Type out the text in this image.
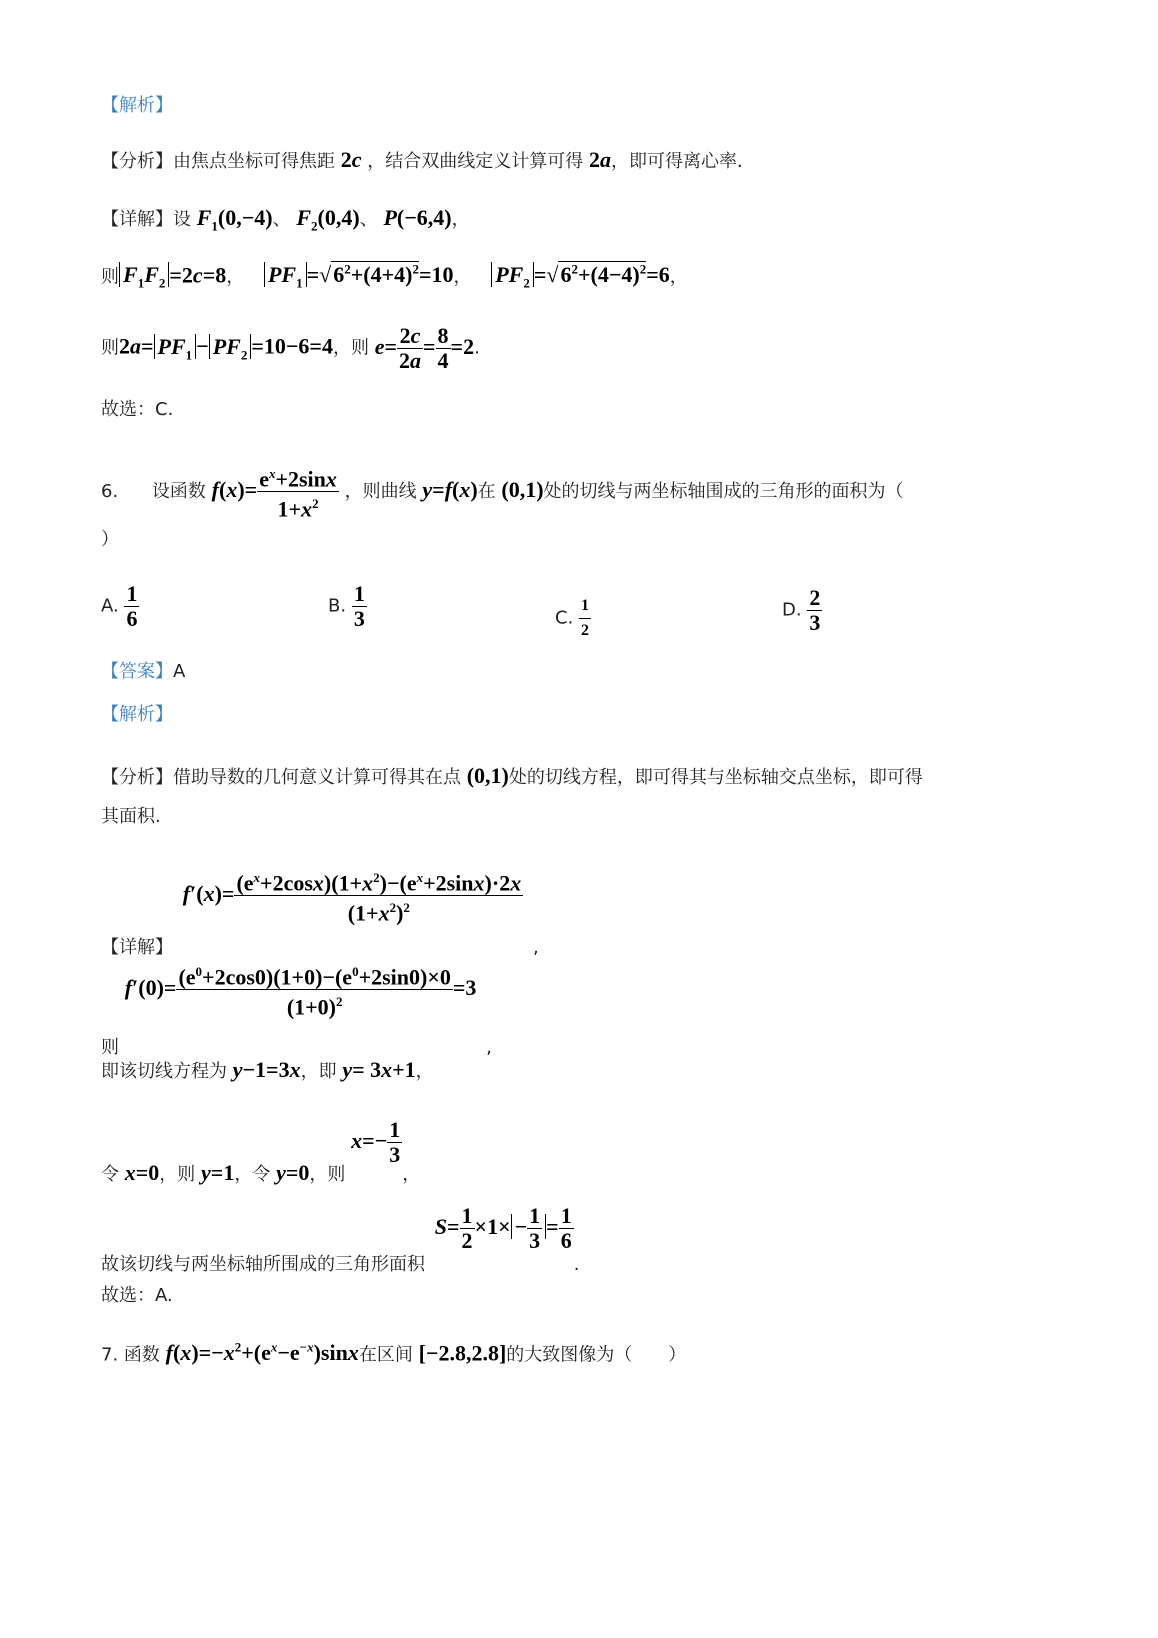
【解析】
【分析】由焦点坐标可得焦距 2c ，结合双曲线定义计算可得 2a，即可得离心率．
【详解】设 $F_1(0,-4)$、 $F_2(0,4)$、 P(−6,4)，
则 $F_1F_2 =2c=8$， $PF_1 =√6^2+(4+4)^2=10$， $PF_2 =√6^2+(4-4)^2=6$，
则$2a= PF_1 - PF_2 =10-6=4$，则 $e= \frac{2c}{2a} = \frac{8}{4} =2$.
故选：C.
6. 设函数 $f(x)= \frac{e^x+2\sin x}{1+x^2}$ ，则曲线 y=f(x)在 (0,1)处的切线与两坐标轴围成的三角形的面积为（
）
A. $\frac{1}{6}$	B. $\frac{1}{3}$	C. $\frac{1}{2}$	D. $\frac{2}{3}$
【答案】A
【解析】
【分析】借助导数的几何意义计算可得其在点 (0,1)处的切线方程，即可得其与坐标轴交点坐标，即可得
其面积.
【详解】 $f'(x)= \frac{(e^x+2\cos x)(1+x^2)-(e^x+2\sin x)\cdot 2x}{(1+x^2)^2}$
,
则 $f'(0)= \frac{(e^0+2\cos 0)(1+0)-(e^0+2\sin 0)\times 0}{(1+0)^2} =3$ ,
即该切线方程为 y−1=3x，即 y= 3x+1，
令 x=0，则 y=1，令 y=0，则 $x=- \frac{1}{3}$
，
故该切线与两坐标轴所围成的三角形面积 $S= \frac{1}{2} \times 1\times - \frac{1}{3} = \frac{1}{6}$
.
故选：A.
7. 函数 $f(x)=-x^2+(e^x-e^{-x})\sin x$在区间 [−2.8,2.8]的大致图像为（　　）
